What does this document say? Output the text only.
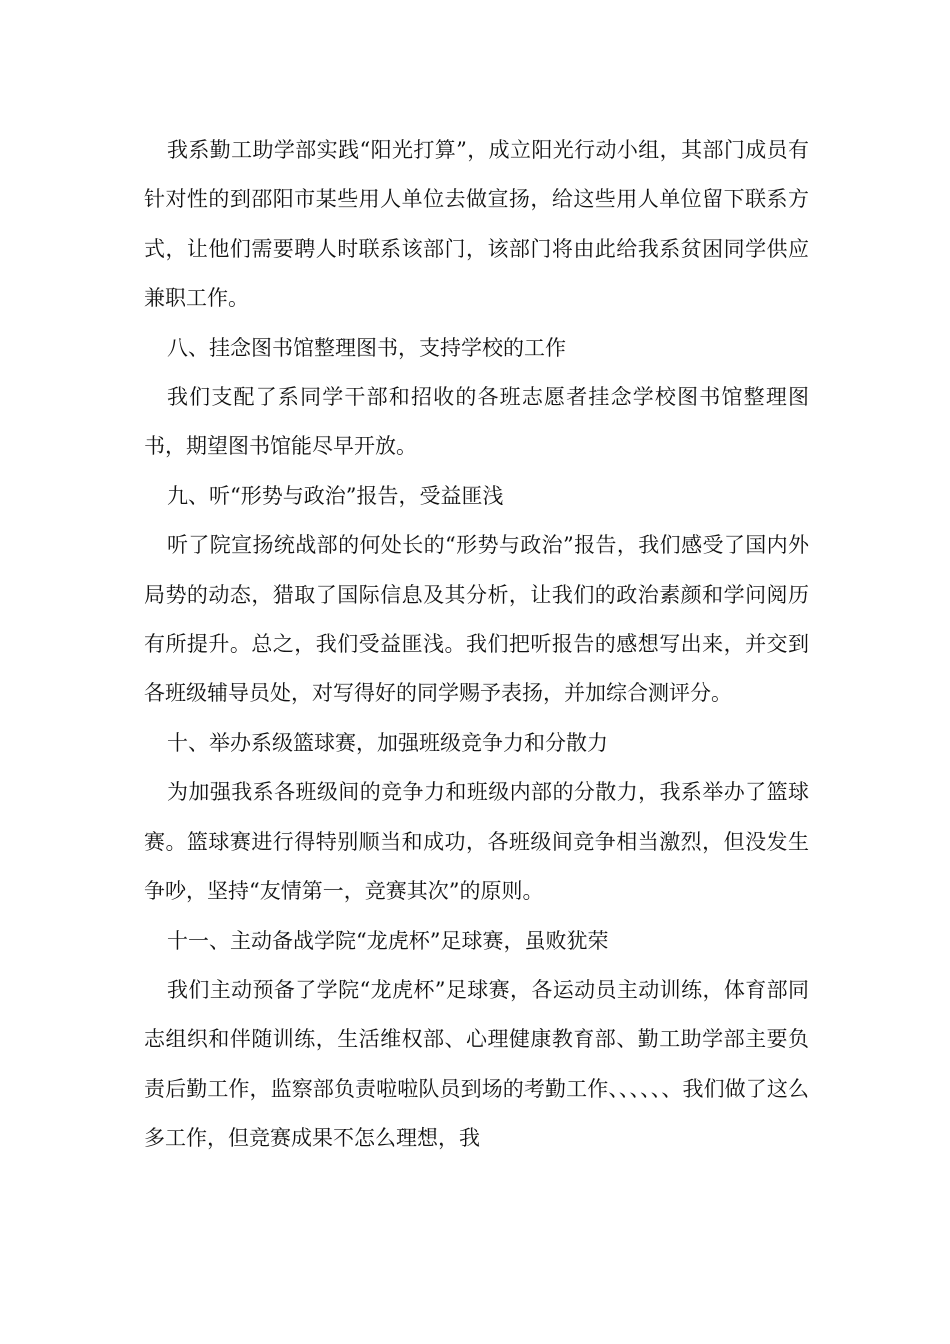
我系勤工助学部实践“阳光打算”，成立阳光行动小组，其部门成员有针对性的到邵阳市某些用人单位去做宣扬，给这些用人单位留下联系方式，让他们需要聘人时联系该部门，该部门将由此给我系贫困同学供应兼职工作。

八、挂念图书馆整理图书，支持学校的工作

我们支配了系同学干部和招收的各班志愿者挂念学校图书馆整理图书，期望图书馆能尽早开放。

九、听“形势与政治”报告，受益匪浅

听了院宣扬统战部的何处长的“形势与政治”报告，我们感受了国内外局势的动态，猎取了国际信息及其分析，让我们的政治素颜和学问阅历有所提升。总之，我们受益匪浅。我们把听报告的感想写出来，并交到各班级辅导员处，对写得好的同学赐予表扬，并加综合测评分。

十、举办系级篮球赛，加强班级竞争力和分散力

为加强我系各班级间的竞争力和班级内部的分散力，我系举办了篮球赛。篮球赛进行得特别顺当和成功，各班级间竞争相当激烈，但没发生争吵，坚持“友情第一，竞赛其次”的原则。

十一、主动备战学院“龙虎杯”足球赛，虽败犹荣

我们主动预备了学院“龙虎杯”足球赛，各运动员主动训练，体育部同志组织和伴随训练，生活维权部、心理健康教育部、勤工助学部主要负责后勤工作，监察部负责啦啦队员到场的考勤工作、、、、、、我们做了这么多工作，但竞赛成果不怎么理想，我
